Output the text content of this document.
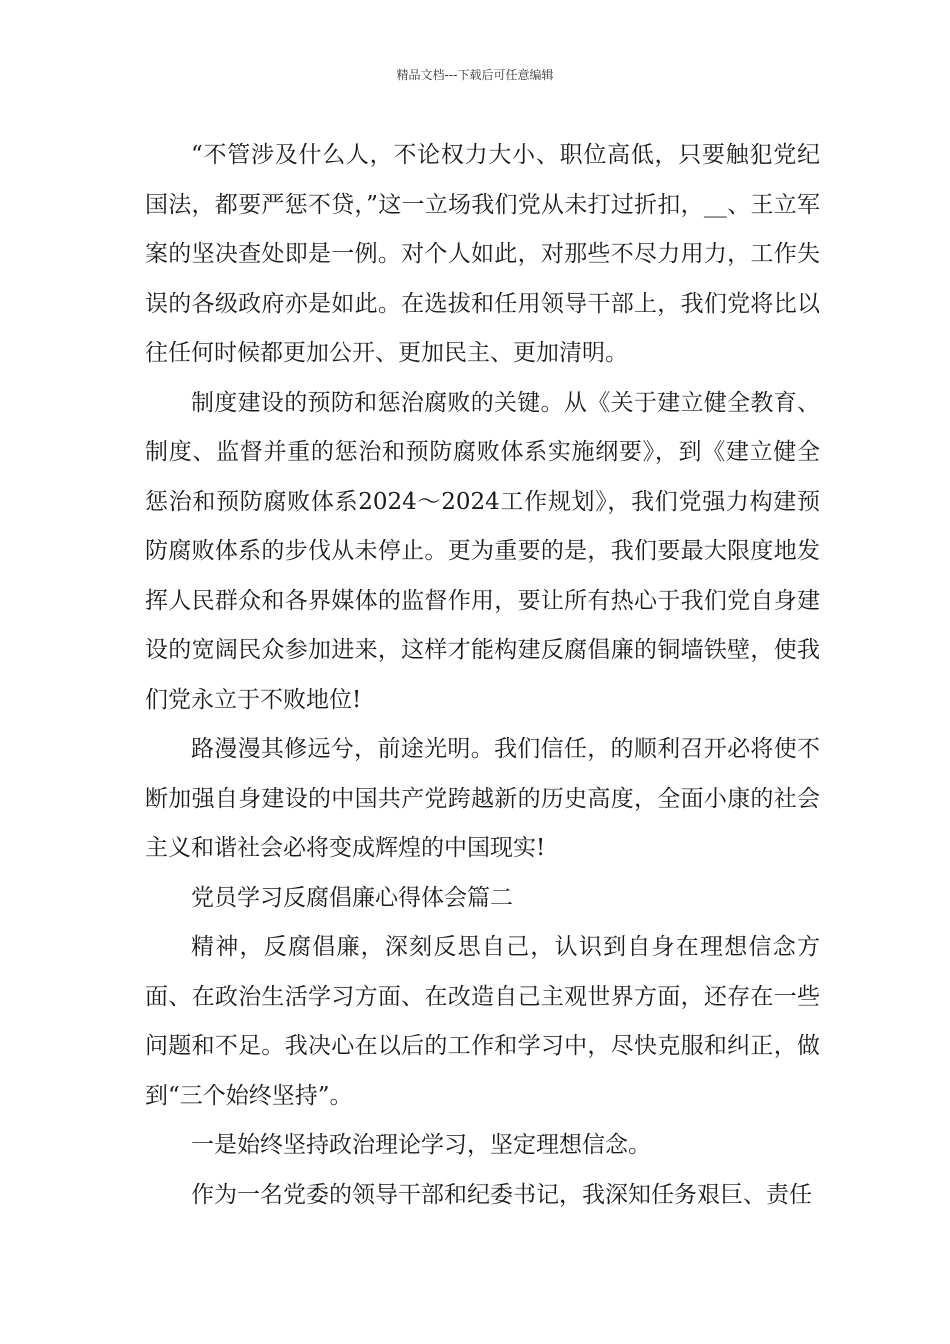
精品文档---下载后可任意编辑

“不管涉及什么人，不论权力大小、职位高低，只要触犯党纪国法，都要严惩不贷，”这一立场我们党从未打过折扣，__、王立军案的坚决查处即是一例。对个人如此，对那些不尽力用力，工作失误的各级政府亦是如此。在选拔和任用领导干部上，我们党将比以往任何时候都更加公开、更加民主、更加清明。

制度建设的预防和惩治腐败的关键。从《关于建立健全教育、制度、监督并重的惩治和预防腐败体系实施纲要》，到《建立健全惩治和预防腐败体系2024～2024工作规划》，我们党强力构建预防腐败体系的步伐从未停止。更为重要的是，我们要最大限度地发挥人民群众和各界媒体的监督作用，要让所有热心于我们党自身建设的宽阔民众参加进来，这样才能构建反腐倡廉的铜墙铁壁，使我们党永立于不败地位!

路漫漫其修远兮，前途光明。我们信任，的顺利召开必将使不断加强自身建设的中国共产党跨越新的历史高度，全面小康的社会主义和谐社会必将变成辉煌的中国现实!

党员学习反腐倡廉心得体会篇二

精神，反腐倡廉，深刻反思自己，认识到自身在理想信念方面、在政治生活学习方面、在改造自己主观世界方面，还存在一些问题和不足。我决心在以后的工作和学习中，尽快克服和纠正，做到“三个始终坚持”。

一是始终坚持政治理论学习，坚定理想信念。

作为一名党委的领导干部和纪委书记，我深知任务艰巨、责任
